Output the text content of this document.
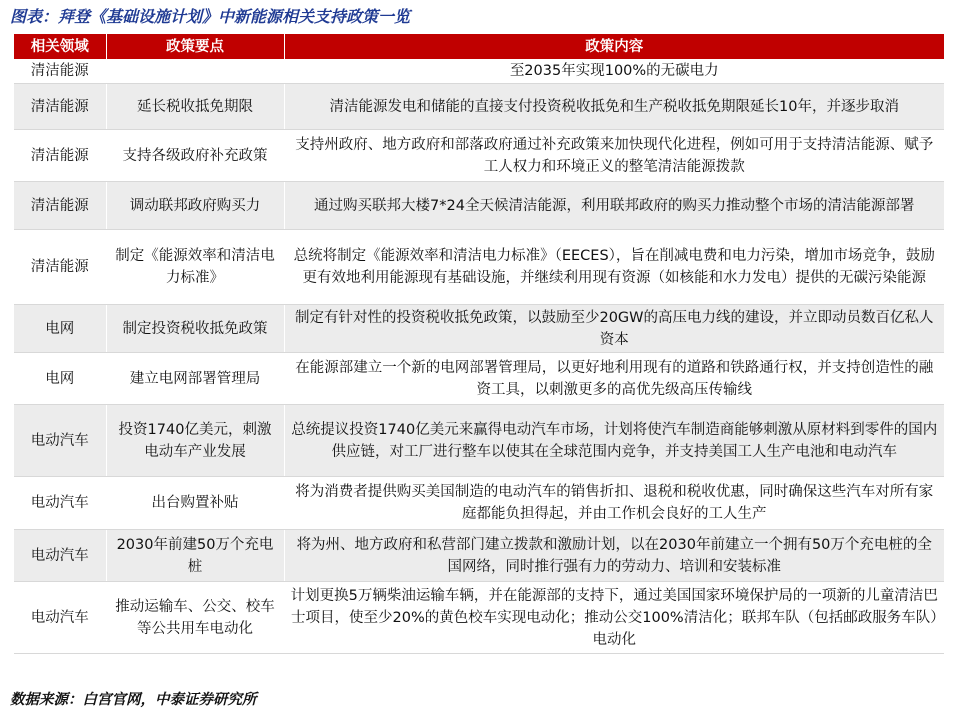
图表：拜登《基础设施计划》中新能源相关支持政策一览
相关领域	政策要点	政策内容
清洁能源		至2035年实现100%的无碳电力
清洁能源	延长税收抵免期限	清洁能源发电和储能的直接支付投资税收抵免和生产税收抵免期限延长10年，并逐步取消
清洁能源	支持各级政府补充政策	支持州政府、地方政府和部落政府通过补充政策来加快现代化进程，例如可用于支持清洁能源、赋予工人权力和环境正义的整笔清洁能源拨款
清洁能源	调动联邦政府购买力	通过购买联邦大楼7*24全天候清洁能源，利用联邦政府的购买力推动整个市场的清洁能源部署
清洁能源	制定《能源效率和清洁电力标准》	总统将制定《能源效率和清洁电力标准》（EECES），旨在削减电费和电力污染，增加市场竞争，鼓励更有效地利用能源现有基础设施，并继续利用现有资源（如核能和水力发电）提供的无碳污染能源
电网	制定投资税收抵免政策	制定有针对性的投资税收抵免政策，以鼓励至少20GW的高压电力线的建设，并立即动员数百亿私人资本
电网	建立电网部署管理局	在能源部建立一个新的电网部署管理局，以更好地利用现有的道路和铁路通行权，并支持创造性的融资工具，以刺激更多的高优先级高压传输线
电动汽车	投资1740亿美元，刺激电动车产业发展	总统提议投资1740亿美元来赢得电动汽车市场，计划将使汽车制造商能够刺激从原材料到零件的国内供应链，对工厂进行整车以使其在全球范围内竞争，并支持美国工人生产电池和电动汽车
电动汽车	出台购置补贴	将为消费者提供购买美国制造的电动汽车的销售折扣、退税和税收优惠，同时确保这些汽车对所有家庭都能负担得起，并由工作机会良好的工人生产
电动汽车	2030年前建50万个充电桩	将为州、地方政府和私营部门建立拨款和激励计划，以在2030年前建立一个拥有50万个充电桩的全国网络，同时推行强有力的劳动力、培训和安装标准
电动汽车	推动运输车、公交、校车等公共用车电动化	计划更换5万辆柴油运输车辆，并在能源部的支持下，通过美国国家环境保护局的一项新的儿童清洁巴士项目，使至少20%的黄色校车实现电动化；推动公交100%清洁化；联邦车队（包括邮政服务车队）电动化
数据来源：白宫官网，中泰证券研究所
